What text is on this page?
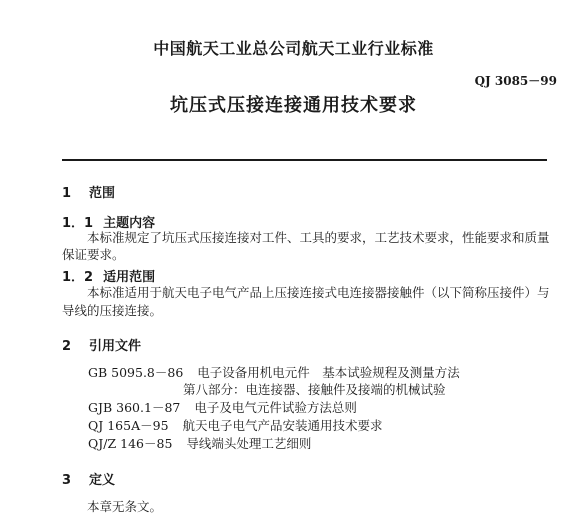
中国航天工业总公司航天工业行业标准

QJ 3085－99

坑压式压接连接通用技术要求

1 范围
1．1 主题内容

本标准规定了坑压式压接连接对工件、工具的要求，工艺技术要求，性能要求和质量

保证要求。

1．2 适用范围

本标准适用于航天电子电气产品上压接连接式电连接器接触件（以下简称压接件）与

导线的压接连接。

2 引用文件
GB 5095.8－86 电子设备用机电元件　基本试验规程及测量方法
第八部分：电连接器、接触件及接端的机械试验
GJB 360.1－87 电子及电气元件试验方法总则
QJ 165A－95 航天电子电气产品安装通用技术要求
QJ/Z 146－85 导线端头处理工艺细则
3 定义

本章无条文。
